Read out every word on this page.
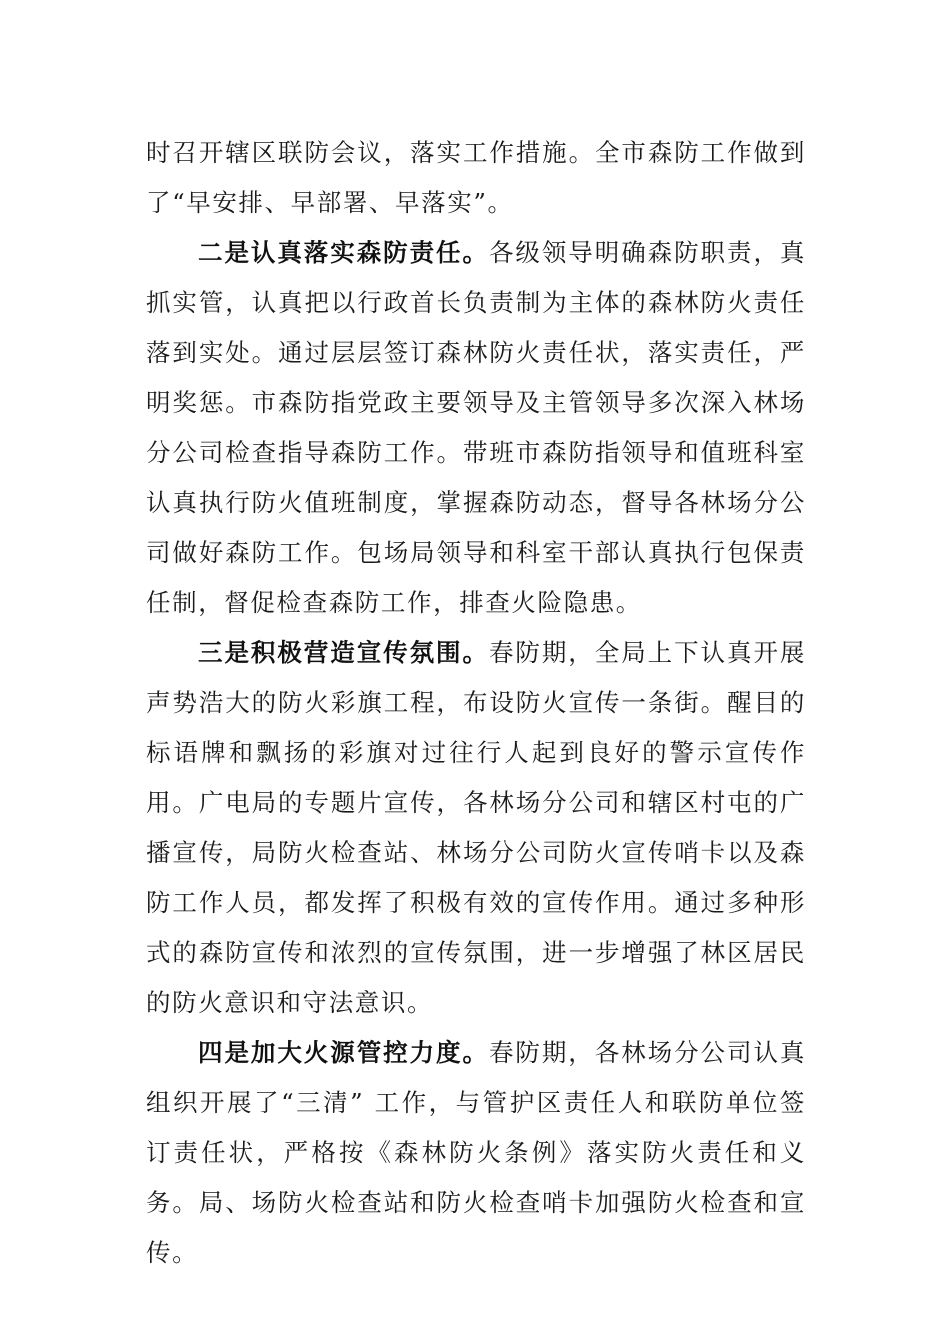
时召开辖区联防会议，落实工作措施。全市森防工作做到了“早安排、早部署、早落实”。

二是认真落实森防责任。各级领导明确森防职责，真抓实管，认真把以行政首长负责制为主体的森林防火责任落到实处。通过层层签订森林防火责任状，落实责任，严明奖惩。市森防指党政主要领导及主管领导多次深入林场分公司检查指导森防工作。带班市森防指领导和值班科室认真执行防火值班制度，掌握森防动态，督导各林场分公司做好森防工作。包场局领导和科室干部认真执行包保责任制，督促检查森防工作，排查火险隐患。

三是积极营造宣传氛围。春防期，全局上下认真开展声势浩大的防火彩旗工程，布设防火宣传一条街。醒目的标语牌和飘扬的彩旗对过往行人起到良好的警示宣传作用。广电局的专题片宣传，各林场分公司和辖区村屯的广播宣传，局防火检查站、林场分公司防火宣传哨卡以及森防工作人员，都发挥了积极有效的宣传作用。通过多种形式的森防宣传和浓烈的宣传氛围，进一步增强了林区居民的防火意识和守法意识。

四是加大火源管控力度。春防期，各林场分公司认真组织开展了“三清” 工作，与管护区责任人和联防单位签订责任状，严格按《森林防火条例》落实防火责任和义务。局、场防火检查站和防火检查哨卡加强防火检查和宣传。
